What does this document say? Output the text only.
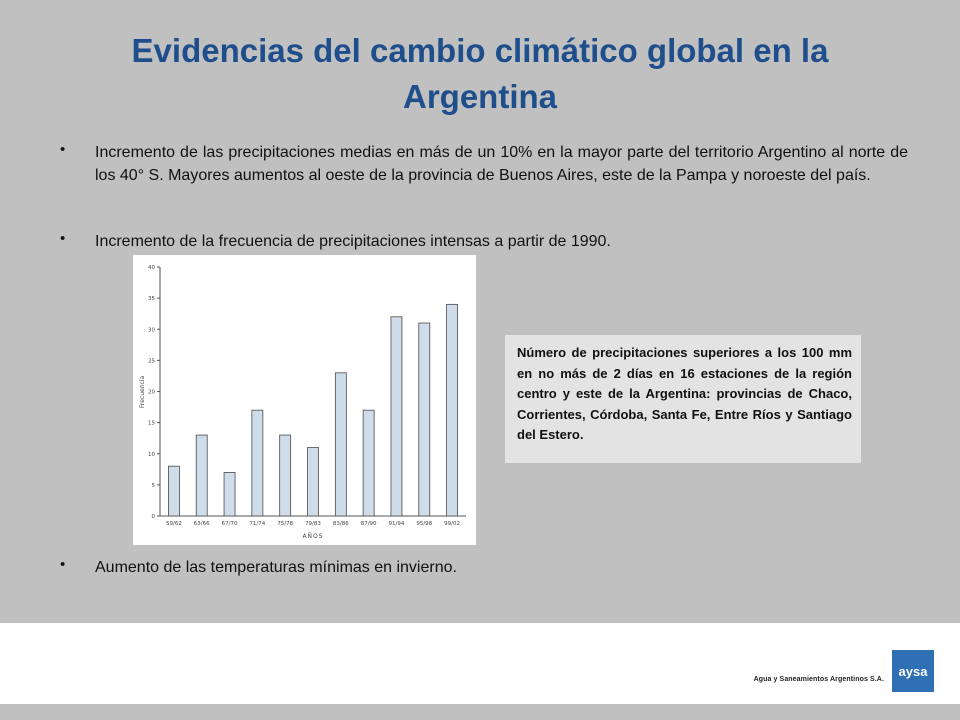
Evidencias del cambio climático global en la Argentina
• Incremento de las precipitaciones medias en más de un 10% en la mayor parte del territorio Argentino al norte de los 40° S. Mayores aumentos al oeste de la provincia de Buenos Aires, este de la Pampa y noroeste del país.
• Incremento de la frecuencia de precipitaciones intensas a partir de 1990.
0
5
10
15
20
25
30
35
40
59/62 63/66 67/70 71/74 75/78 79/83 83/86 87/90 91/94 95/98 99/02
AÑOS
Frecuencia

Número de precipitaciones superiores a los 100 mm en no más de 2 días en 16 estaciones de la región centro y este de la Argentina: provincias de Chaco, Corrientes, Córdoba, Santa Fe, Entre Ríos y Santiago del Estero.

• Aumento de las temperaturas mínimas en invierno.
Agua y Saneamientos Argentinos S.A.
aysa
